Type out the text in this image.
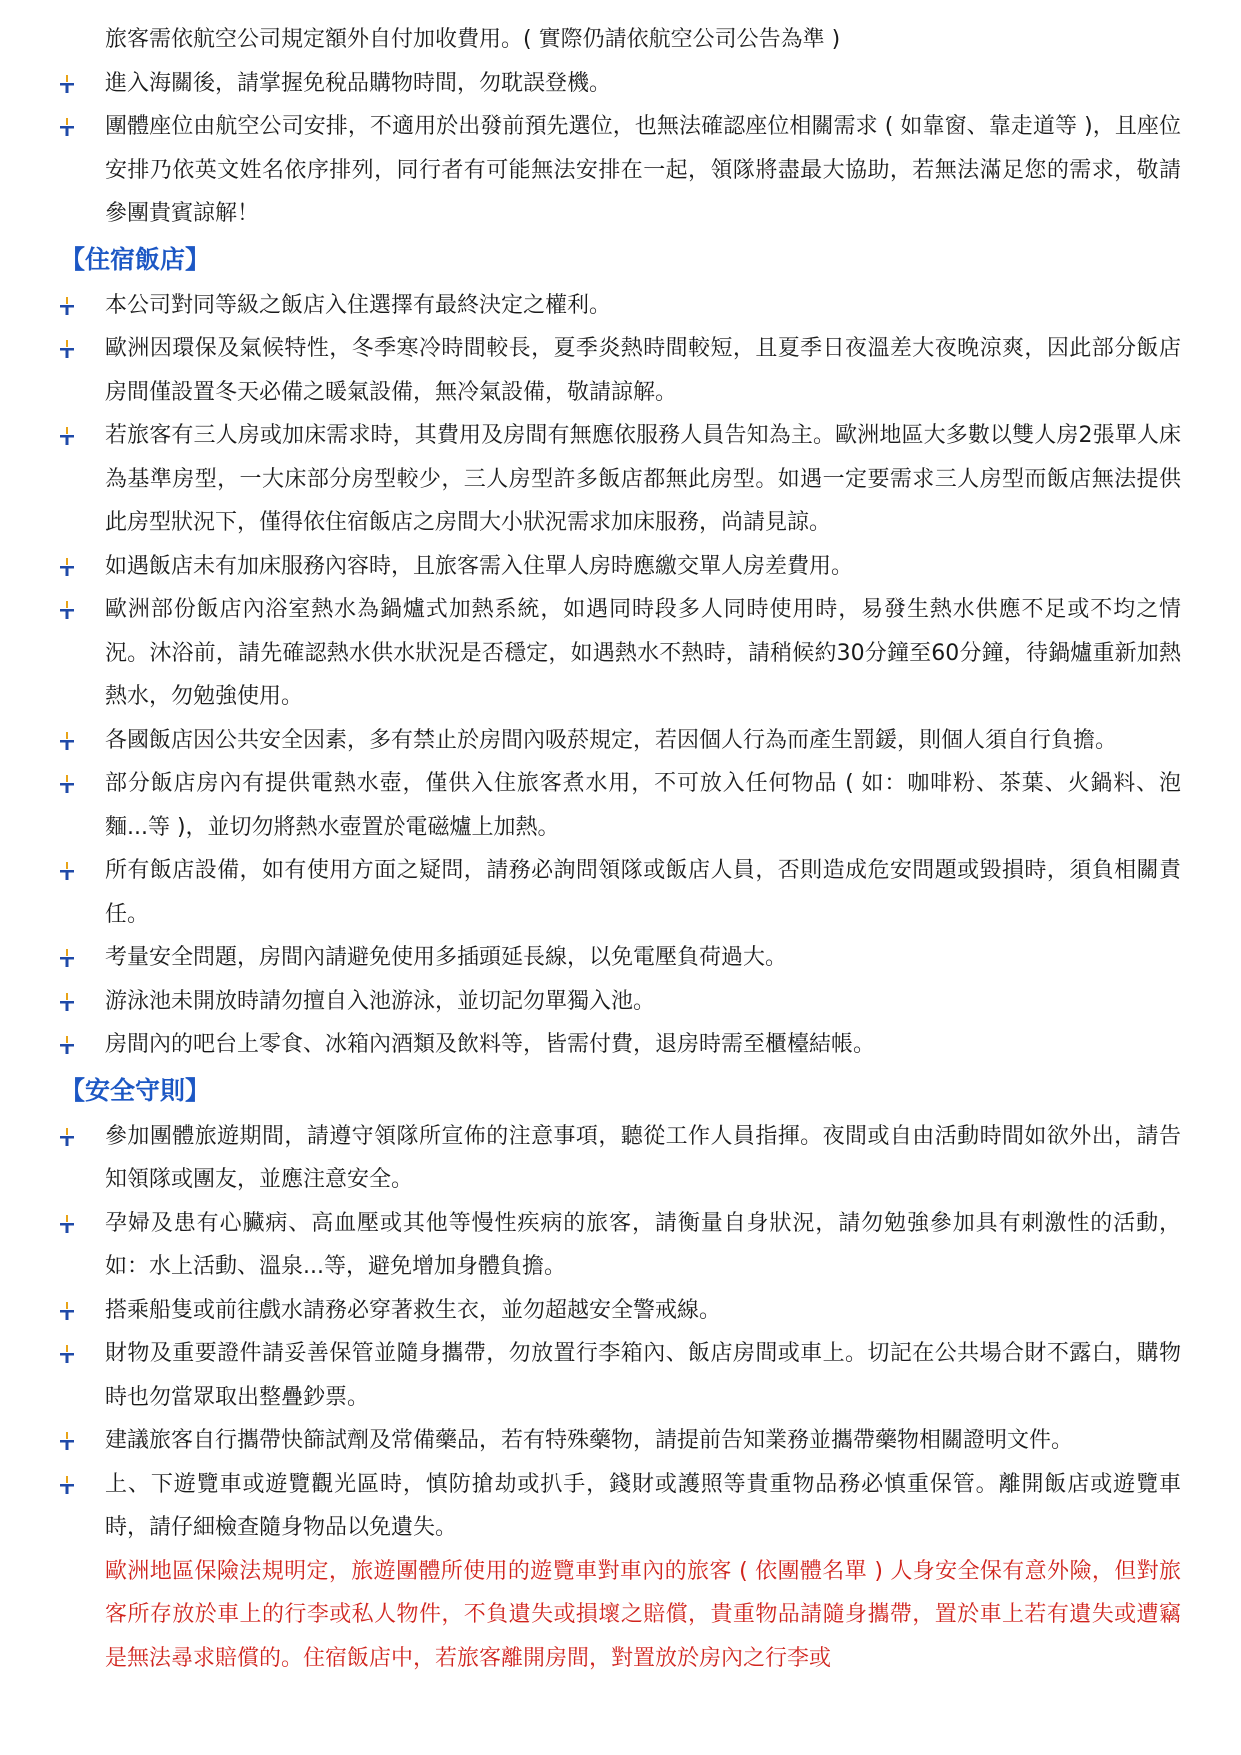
旅客需依航空公司規定額外自付加收費用。( 實際仍請依航空公司公告為準 )

進入海關後，請掌握免稅品購物時間，勿耽誤登機。

團體座位由航空公司安排，不適用於出發前預先選位，也無法確認座位相關需求 ( 如靠窗、靠走道等 )，且座位安排乃依英文姓名依序排列，同行者有可能無法安排在一起，領隊將盡最大協助，若無法滿足您的需求，敬請參團貴賓諒解！

【住宿飯店】

本公司對同等級之飯店入住選擇有最終決定之權利。

歐洲因環保及氣候特性，冬季寒冷時間較長，夏季炎熱時間較短，且夏季日夜溫差大夜晚涼爽，因此部分飯店房間僅設置冬天必備之暖氣設備，無冷氣設備，敬請諒解。

若旅客有三人房或加床需求時，其費用及房間有無應依服務人員告知為主。歐洲地區大多數以雙人房2張單人床為基準房型，一大床部分房型較少，三人房型許多飯店都無此房型。如遇一定要需求三人房型而飯店無法提供此房型狀況下，僅得依住宿飯店之房間大小狀況需求加床服務，尚請見諒。

如遇飯店未有加床服務內容時，且旅客需入住單人房時應繳交單人房差費用。

歐洲部份飯店內浴室熱水為鍋爐式加熱系統，如遇同時段多人同時使用時，易發生熱水供應不足或不均之情況。沐浴前，請先確認熱水供水狀況是否穩定，如遇熱水不熱時，請稍候約30分鐘至60分鐘，待鍋爐重新加熱熱水，勿勉強使用。

各國飯店因公共安全因素，多有禁止於房間內吸菸規定，若因個人行為而產生罰鍰，則個人須自行負擔。

部分飯店房內有提供電熱水壺，僅供入住旅客煮水用，不可放入任何物品 ( 如：咖啡粉、茶葉、火鍋料、泡麵...等 )，並切勿將熱水壺置於電磁爐上加熱。

所有飯店設備，如有使用方面之疑問，請務必詢問領隊或飯店人員，否則造成危安問題或毀損時，須負相關責任。

考量安全問題，房間內請避免使用多插頭延長線，以免電壓負荷過大。

游泳池未開放時請勿擅自入池游泳，並切記勿單獨入池。

房間內的吧台上零食、冰箱內酒類及飲料等，皆需付費，退房時需至櫃檯結帳。

【安全守則】

參加團體旅遊期間，請遵守領隊所宣佈的注意事項，聽從工作人員指揮。夜間或自由活動時間如欲外出，請告知領隊或團友，並應注意安全。

孕婦及患有心臟病、高血壓或其他等慢性疾病的旅客，請衡量自身狀況，請勿勉強參加具有刺激性的活動，如：水上活動、溫泉...等，避免增加身體負擔。

搭乘船隻或前往戲水請務必穿著救生衣，並勿超越安全警戒線。

財物及重要證件請妥善保管並隨身攜帶，勿放置行李箱內、飯店房間或車上。切記在公共場合財不露白，購物時也勿當眾取出整疊鈔票。

建議旅客自行攜帶快篩試劑及常備藥品，若有特殊藥物，請提前告知業務並攜帶藥物相關證明文件。

上、下遊覽車或遊覽觀光區時，慎防搶劫或扒手，錢財或護照等貴重物品務必慎重保管。離開飯店或遊覽車時，請仔細檢查隨身物品以免遺失。

歐洲地區保險法規明定，旅遊團體所使用的遊覽車對車內的旅客 ( 依團體名單 ) 人身安全保有意外險，但對旅客所存放於車上的行李或私人物件，不負遺失或損壞之賠償，貴重物品請隨身攜帶，置於車上若有遺失或遭竊是無法尋求賠償的。住宿飯店中，若旅客離開房間，對置放於房內之行李或
